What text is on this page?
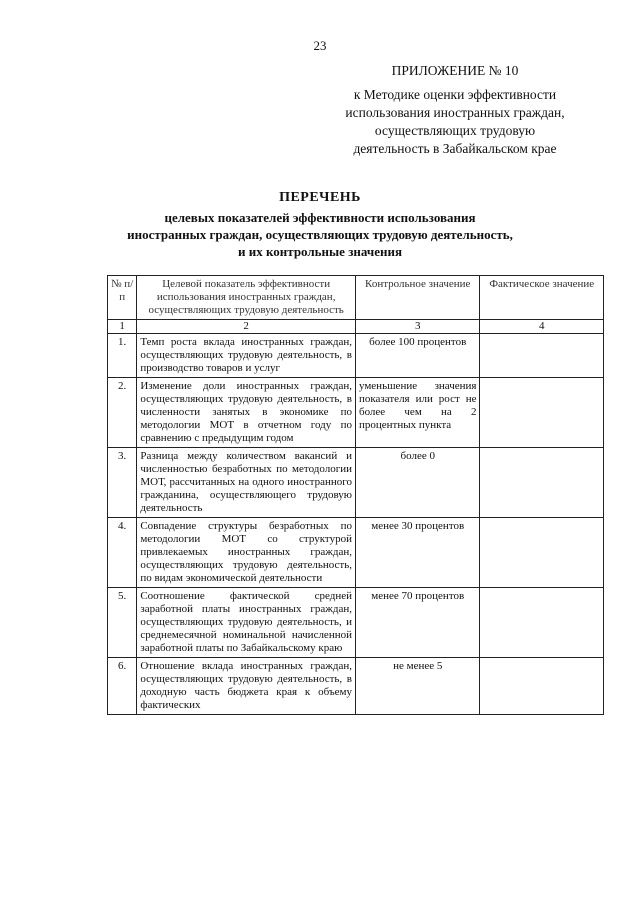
23
ПРИЛОЖЕНИЕ № 10
к Методике оценки эффективности
использования иностранных граждан,
осуществляющих трудовую
деятельность в Забайкальском крае
ПЕРЕЧЕНЬ
целевых показателей эффективности использования
иностранных граждан, осуществляющих трудовую деятельность,
и их контрольные значения
№ п/п	Целевой показатель эффективности использования иностранных граждан, осуществляющих трудовую деятельность	Контрольное значение	Фактическое значение
1	2	3	4
1.	Темп роста вклада иностранных граждан, осуществляющих трудовую деятельность, в производство товаров и услуг	более 100 процентов	
2.	Изменение доли иностранных граждан, осуществляющих трудовую деятельность, в численности занятых в экономике по методологии МОТ в отчетном году по сравнению с предыдущим годом	уменьшение значения показателя или рост не более чем на 2 процентных пункта	
3.	Разница между количеством вакансий и численностью безработных по методологии МОТ, рассчитанных на одного иностранного гражданина, осуществляющего трудовую деятельность	более 0	
4.	Совпадение структуры безработных по методологии МОТ со структурой привлекаемых иностранных граждан, осуществляющих трудовую деятельность, по видам экономической деятельности	менее 30 процентов	
5.	Соотношение фактической средней заработной платы иностранных граждан, осуществляющих трудовую деятельность, и среднемесячной номинальной начисленной заработной платы по Забайкальскому краю	менее 70 процентов	
6.	Отношение вклада иностранных граждан, осуществляющих трудовую деятельность, в доходную часть бюджета края к объему фактических	не менее 5	
